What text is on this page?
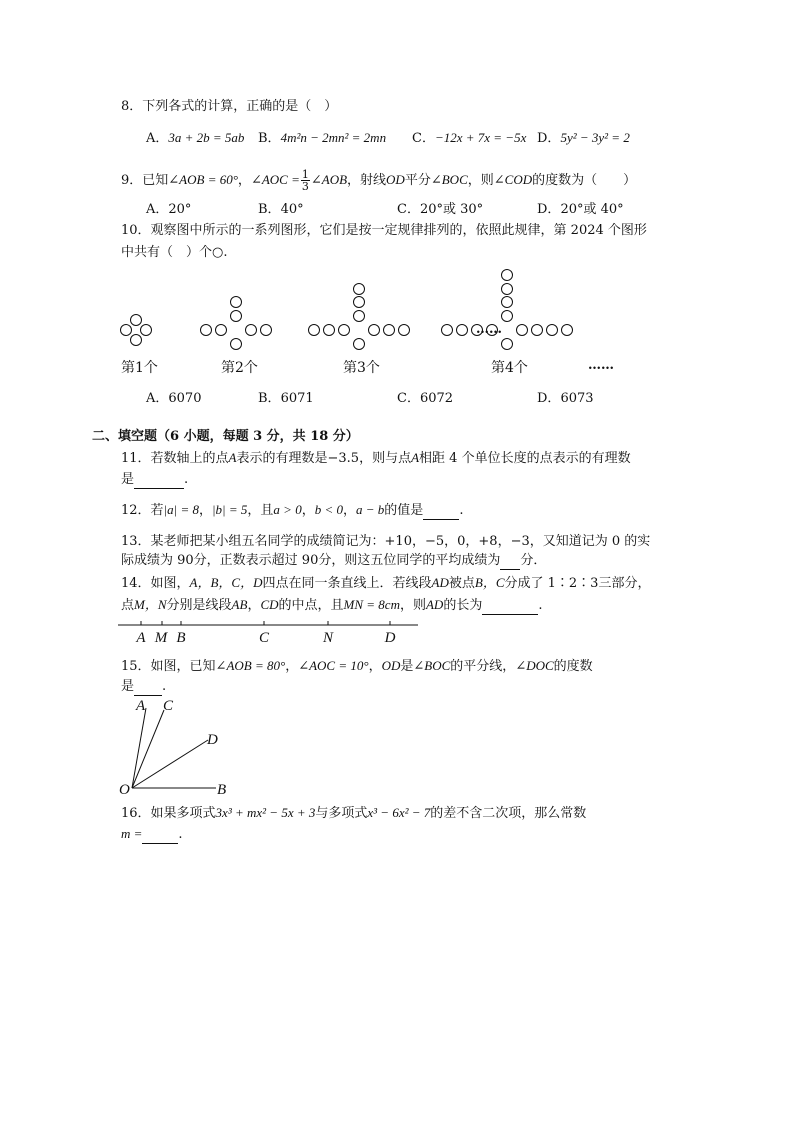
8．下列各式的计算，正确的是（　）
A．3a + 2b = 5ab B．4m²n − 2mn² = 2mn C．−12x + 7x = −5x D．5y² − 3y² = 2
9．已知∠AOB = 60°，∠AOC = $\frac{1}{3}$ ∠AOB，射线OD平分∠BOC，则∠COD的度数为（　　）
A．20°	B．40°	C．20°或 30°	D．20°或 40°
10．观察图中所示的一系列图形，它们是按一定规律排列的，依照此规律，第 2024 个图形
中共有（　）个○.
……
第1个	第2个	第3个	第4个	……
A．6070	B．6071	C．6072	D．6073
二、填空题（6 小题，每题 3 分，共 18 分）
11．若数轴上的点A表示的有理数是−3.5，则与点A相距 4 个单位长度的点表示的有理数
是	.
12．若|a| = 8，|b| = 5，且a > 0，b < 0，a − b的值是	.
13．某老师把某小组五名同学的成绩简记为：+10，−5，0，+8，−3，又知道记为 0 的实
际成绩为 90分，正数表示超过 90分，则这五位同学的平均成绩为 分．
14．如图，A，B，C，D四点在同一条直线上．若线段AD被点B，C分成了 1∶2∶3三部分，
点M，N分别是线段AB，CD的中点，且MN = 8cm，则AD的长为	.
A M B	C	N	D
15．如图，已知∠AOB = 80°，∠AOC = 10°，OD是∠BOC的平分线，∠DOC的度数
是 .
A C
D
O	B
16．如果多项式3x³ + mx² − 5x + 3与多项式x³ − 6x² − 7的差不含二次项，那么常数
m =	.
